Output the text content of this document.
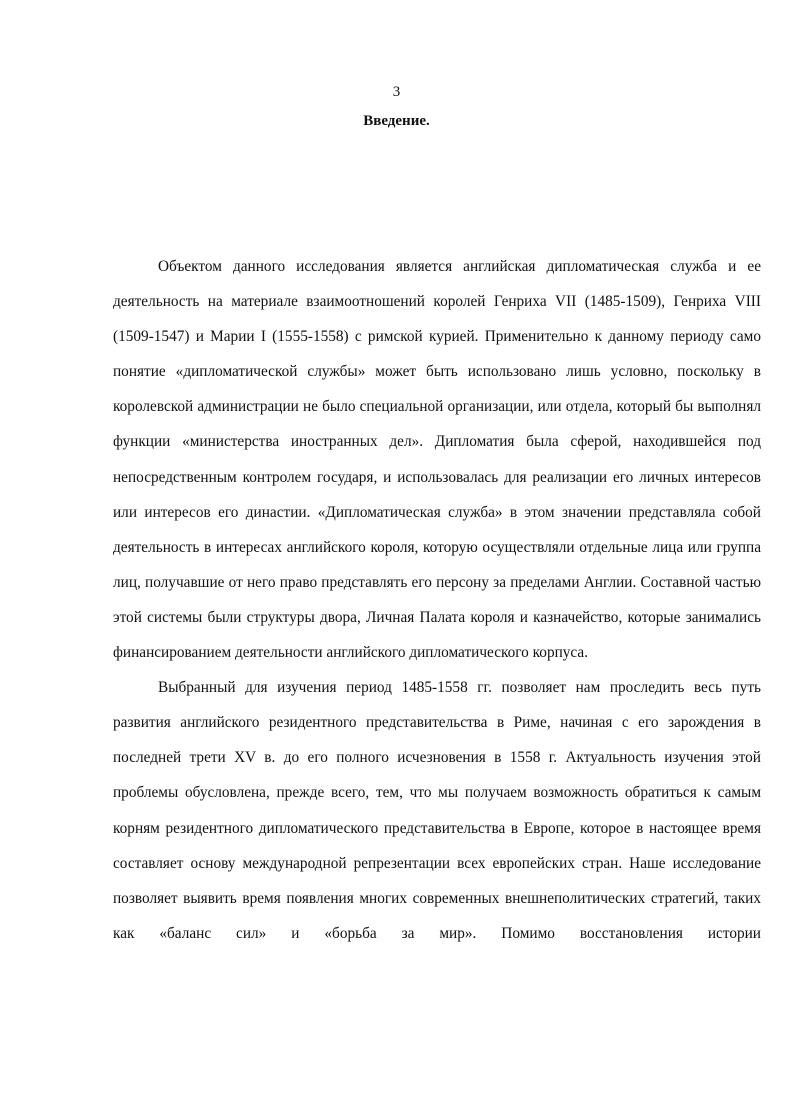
3
Введение.

Объектом данного исследования является английская дипломатическая служба и ее деятельность на материале взаимоотношений королей Генриха VII (1485-1509), Генриха VIII (1509-1547) и Марии I (1555-1558) с римской курией. Применительно к данному периоду само понятие «дипломатической службы» может быть использовано лишь условно, поскольку в королевской администрации не было специальной организации, или отдела, который бы выполнял функции «министерства иностранных дел». Дипломатия была сферой, находившейся под непосредственным контролем государя, и использовалась для реализации его личных интересов или интересов его династии. «Дипломатическая служба» в этом значении представляла собой деятельность в интересах английского короля, которую осуществляли отдельные лица или группа лиц, получавшие от него право представлять его персону за пределами Англии. Составной частью этой системы были структуры двора, Личная Палата короля и казначейство, которые занимались финансированием деятельности английского дипломатического корпуса.

Выбранный для изучения период 1485-1558 гг. позволяет нам проследить весь путь развития английского резидентного представительства в Риме, начиная с его зарождения в последней трети XV в. до его полного исчезновения в 1558 г. Актуальность изучения этой проблемы обусловлена, прежде всего, тем, что мы получаем возможность обратиться к самым корням резидентного дипломатического представительства в Европе, которое в настоящее время составляет основу международной репрезентации всех европейских стран. Наше исследование позволяет выявить время появления многих современных внешнеполитических стратегий, таких как «баланс сил» и «борьба за мир». Помимо восстановления истории
